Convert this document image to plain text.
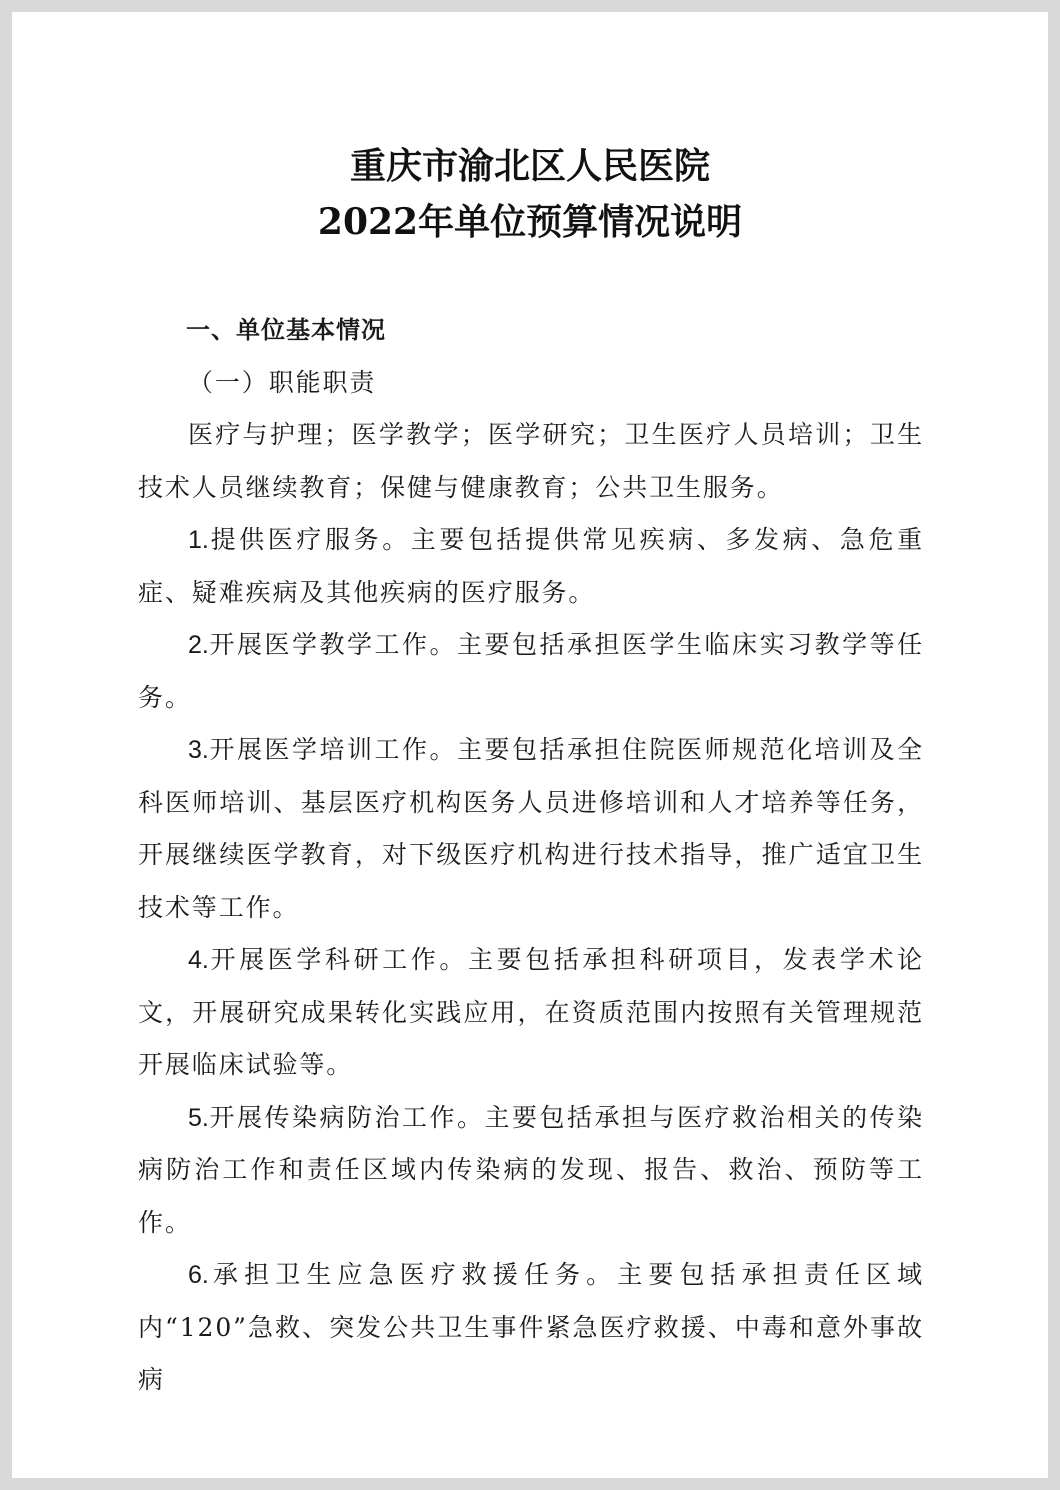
重庆市渝北区人民医院
2022年单位预算情况说明

一、单位基本情况

（一）职能职责

医疗与护理；医学教学；医学研究；卫生医疗人员培训；卫生技术人员继续教育；保健与健康教育；公共卫生服务。

1.提供医疗服务。主要包括提供常见疾病、多发病、急危重症、疑难疾病及其他疾病的医疗服务。

2.开展医学教学工作。主要包括承担医学生临床实习教学等任务。

3.开展医学培训工作。主要包括承担住院医师规范化培训及全科医师培训、基层医疗机构医务人员进修培训和人才培养等任务，开展继续医学教育，对下级医疗机构进行技术指导，推广适宜卫生技术等工作。

4.开展医学科研工作。主要包括承担科研项目，发表学术论文，开展研究成果转化实践应用，在资质范围内按照有关管理规范开展临床试验等。

5.开展传染病防治工作。主要包括承担与医疗救治相关的传染病防治工作和责任区域内传染病的发现、报告、救治、预防等工作。

6.承担卫生应急医疗救援任务。主要包括承担责任区域内“120”急救、突发公共卫生事件紧急医疗救援、中毒和意外事故病
